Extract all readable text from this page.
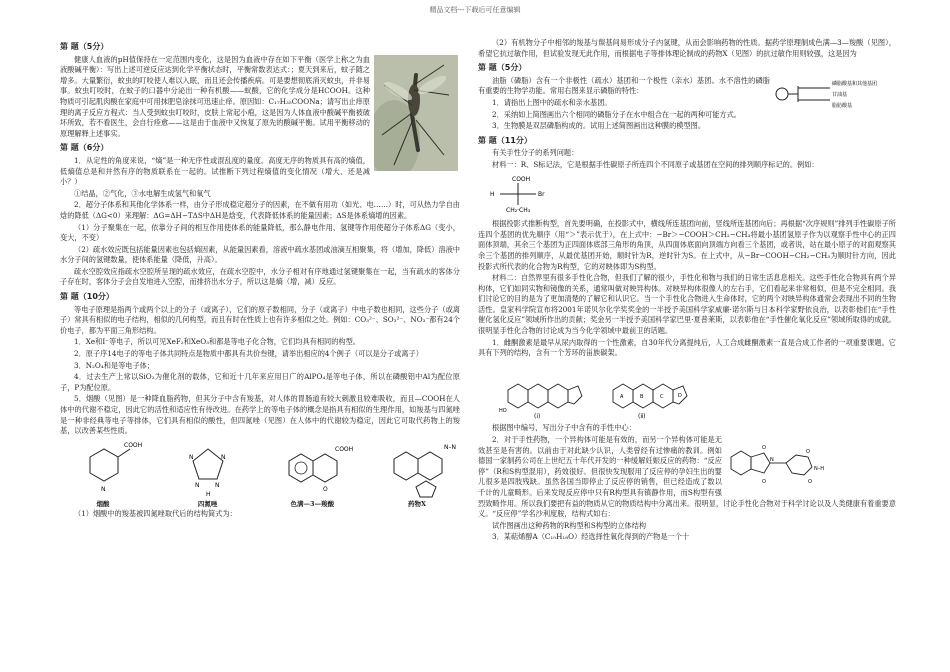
精品文档---下载后可任意编辑
第 题（5分）

健康人血液的pH值保持在一定范围内变化，这是因为血液中存在如下平衡（医学上称之为血液酸碱平衡）：写出上述可逆反应达到化学平衡状态时，平衡常数表达式：；夏天到来后，蚊子随之增多。大量繁衍，蚊虫的叮咬使人难以入眠，而且还会传播疾病。可是要想彻底消灭蚊虫，并非易事。蚊虫叮咬时，在蚊子的口器中分泌出一种有机酸——蚁酸，它的化学成分是HCOOH。这种物质可引起肌肉酸在家庭中可用抹肥皂涂抹可迅速止痒。原因如：C₁₇H₃₅COONa；请写出止痒原理的离子反应方程式：当人受到蚊虫叮咬时，皮肤上常起小疱，这是因为人体血液中酸碱平衡被破坏所致，若不看医生，会自行痊愈——这是由于血液中又恢复了原先的酸碱平衡。试用平衡移动的原理解释上述事实。

第 题（6分）

1．从定性的角度来说，“熵”是一种无序性或混乱度的量度。高度无序的物质具有高的熵值，低熵值总是和井然有序的物质联系在一起的。试推断下列过程熵值的变化情况（增大、还是减小？）

①结晶，②气化，③水电解生成氢气和氧气

2．超分子体系和其他化学体系一样，由分子形成稳定超分子的因素，在不做有用功（如光、电……）时，可从热力学自由焓的降低（ΔG<0）来理解：ΔG=ΔH−TΔS中ΔH是焓变，代表降低体系的能量因素；ΔS是体系熵增的因素。

（1）分子聚集在一起，依靠分子间的相互作用使体系的能量降低，那么静电作用、氢键等作用使超分子体系ΔG（变小，变大，不变）

（2）疏水效应既包括能量因素也包括熵因素，从能量因素看，溶液中疏水基团或油滴互相聚集，将（增加，降低）溶液中水分子间的氢键数量，使体系能量（降低，升高）。

疏水空腔效应指疏水空腔所呈现的疏水效应，在疏水空腔中，水分子相对有序地通过氢键聚集在一起，当有疏水的客体分子存在时，客体分子会自发地进入空腔，而排挤出水分子，所以这是熵（增，减）反应。

第 题（10分）

等电子原理是指两个或两个以上的分子（或离子），它们的原子数相同，分子（或离子）中电子数也相同，这些分子（或离子）常具有相似的电子结构，相似的几何构型，而且有时在性质上也有许多相似之处。例如：CO₃²⁻、SO₃²⁻、NO₃⁻都有24个价电子，都为平面三角形结构。

1．Xe和I⁻等电子，所以可见XeF₂和XeO₃和都是等电子化合物，它们均具有相同的构型。

2．原子序14电子的等电子体共同特点是物质中都具有共价叁键，请举出相应的4个例子（可以是分子或离子）

3．N₂O₄和是等电子体；

4．过去生产上常以SiO₂为催化剂的载体，它和近十几年来应用日广的AlPO₄是等电子体，所以在磷酸铝中Al为配位原子，P为配位原。

5．烟酸（见图）是一种降血脂药物，但其分子中含有羧基，对人体的胃肠道有较大刺激且较难吸收，而且—COOH在人体中的代谢不稳定，因此它的活性和适应性有待改进。在药学上的等电子体的概念是指具有相似的生理作用，如羧基与四氮唑是一种非经典等电子等排体，它们具有相似的酸性，但四氮唑（见图）在人体中的代谢较为稳定，因此它可取代药物上的羧基，以改善某些性质。

COOH
N
烟酸
N	N
N	N
H
四氮唑
O
COOH
色满—3—羧酸
N–N
药物X

（1）烟酸中的羧基被四氮唑取代后的结构简式为：

（2）有机物分子中相邻的羧基与羰基间易形成分子内氢键，从而会影响药物的性质。据药学原理制成色满—3—羧酸（见图），希望它抗过敏作用，但试验发现无此作用，而根据电子等排体理论制成的药物X（见图）的抗过敏作用则较强，这是因为

第 题（5分）
磷脂酸基和其他基团
甘油基
脂肪酸基

油脂（磷脂）含有一个非极性（疏水）基团和一个极性（亲水）基团。水不溶性的磷脂有重要的生物学功能。常用右图来显示磷脂的特性：

1．请指出上图中的疏水和亲水基团。

2．采纳如上简图画出六个相同的磷脂分子在水中组合在一起的两种可能方式。

3．生物膜是双层磷脂构成的。试用上述简图画出这种膜的模型图。

第 题（11分）

有关手性分子的系列问题：

材料一：R、S标记法，它是根据手性碳原子所连四个不同原子或基团在空间的排列顺序标记的。例如：

COOH
H	Br
CH₂·CH₃

根据投影式推断构型，首先要明确，在投影式中，横线所连基团向前，竖线所连基团向后；再根据“次序规则”排列手性碳原子所连四个基团的优先顺序（用“＞”表示优于），在上式中：−Br＞−COOH＞CH₂−CH₃将最小基团氢原子作为以观察手性中心的正四面体顶端，其余三个基团为正四面体底部三角形的角顶，从四面体底面向顶端方向看三个基团，或者说，站在最小原子的对面观察其余三个基团的排列顺序，从最优基团开始，顺时针为R，逆时针为S。在上式中，从−Br−COOH−CH₂−CH₃为顺时针方向，因此投影式所代表的化合物为R构型，它的对映体即为S构型。

材料二：自然界里有很多手性化合物，但我们了解的很少，手性化和物与我们的日常生活息息相关。这些手性化合物具有两个异构体，它们如同实物和镜像的关系，通常叫做对映异构体。对映异构体很像人的左右手，它们看起来非常相似，但是不完全相同。我们讨论它的目的是为了更加清楚的了解它和认识它。当一个手性化合物进入生命体时，它的两个对映异构体通常会表现出不同的生物活性。皇家科学院宣布将2001年诺贝尔化学奖奖金的一半授予美国科学家威廉·诺尔斯与日本科学家野依良治，以表彰他们在“手性催化氢化反应”领域所作出的贡献；奖金另一半授予美国科学家巴里·夏普莱斯，以表彰他在“手性催化氧化反应”领域所取得的成就。很明显手性化合物的讨论成为当今化学领域中最前卫的话题。

1．雌酮激素是最早从尿内取得的一个性激素，自30年代分离提纯后，人工合成雌酮激素一直是合成工作者的一项重要课题。它具有下列的结构，含有一个芳环的甾族碳架。

HO
(ⅰ)	(ⅱ)
A	B	C	D

根据图中编号，写出分子中含有的手性中心：

O
O
N
O
O
N–H

2．对于手性药物，一个异构体可能是有效的，而另一个异构体可能是无效甚至是有害的。以前由于对此缺少认识，人类曾经有过惨痛的教训。例如德国一家制药公司在上世纪五十年代开发的一种缓解妊娠反应的药物：“反应停”（R和S构型混用），药效很好。但很快发现服用了反应停的孕妇生出的婴儿很多是四肢残缺。虽然各国当即停止了反应停的销售，但已经造成了数以千计的儿童畸形。后来发现反应停中只有R构型具有镇静作用，而S构型有强烈致畸作用。所以我们要把有益的物质从它的物质结构中分离出来。很明显，讨论手性化合物对于科学讨论以及人类健康有着重要意义。“反应停”学名沙利度胺，结构式如右：

试作图画出这种药物的R构型和S构型的立体结构

3．某萜烯醇A（C₁₀H₁₈O）经选择性氧化得到的产物是一个十
